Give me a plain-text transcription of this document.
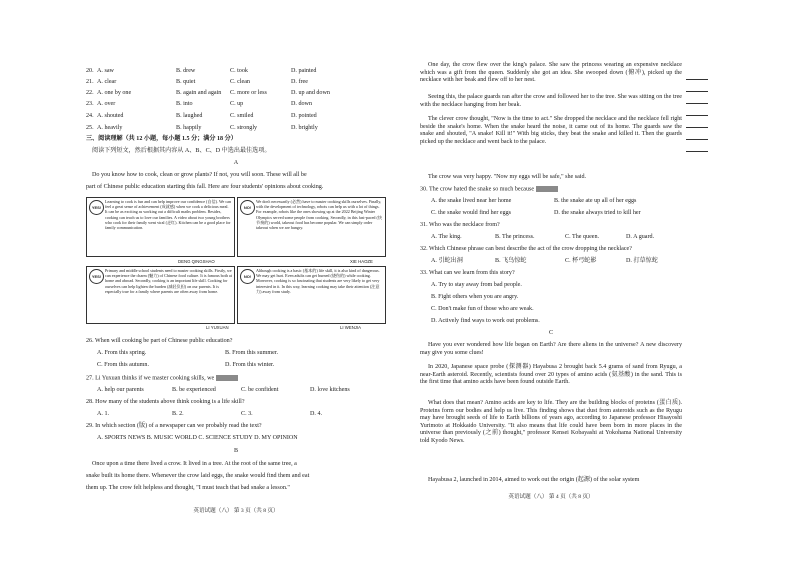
20. A. saw	B. drew	C. took	D. painted
21. A. clear	B. quiet	C. clean	D. free
22. A. one by one	B. again and again C. more or less	D. up and down
23. A. over	B. into	C. up	D. down
24. A. shouted	B. laughed	C. smiled	D. pointed
25. A. heavily	B. happily	C. strongly	D. brightly
三、阅读理解（共 12 小题，每小题 1.5 分；满分 18 分）
阅读下列短文，然后根据其内容从 A、B、C、D 中选出最佳选项。
A
Do you know how to cook, clean or grow plants? If not, you will soon. These will all be
part of Chinese public education starting this fall. Here are four students' opinions about cooking.
YES!
Learning to cook is fun and can help improve our confidence (自信). We can feel a great sense of achievement (成就感) when we cook a delicious meal. It can be as exciting as working out a difficult maths problem. Besides, cooking can teach us to love our families. A video about two young brothers who cook for their family went viral (走红). Kitchen can be a good place for family communication.
DENG QINGSHAO
NO!
We don't necessarily (必然) have to master cooking skills ourselves. Finally, with the development of technology, robots can help us with a lot of things. For example, robots like the ones showing up at the 2022 Beijing Winter Olympics served some people from cooking. Secondly, in this fast-paced (快节奏的) world, takeout food has become popular. We can simply order takeout when we are hungry.
XIE HAOZE
YES!
Primary and middle school students need to master cooking skills. Firstly, we can experience the charm (魅力) of Chinese food culture. It is famous both at home and abroad. Secondly, cooking is an important life skill. Cooking for ourselves can help lighten the burden (减轻负担) on our parents. It is especially true for a family where parents are often away from home.
LI YUXUAN
NO!
Although cooking is a basic (基本的) life skill, it is also kind of dangerous. We may get hurt. Even adults can get burned (烧伤的) while cooking. Moreover, cooking is so fascinating that students are very likely to get very interested in it. In this way, learning cooking may take their attention (注意力) away from study.
LI WENJIA
26. When will cooking be part of Chinese public education?
A. From this spring.	B. From this summer.
C. From this autumn.	D. From this winter.
27. Li Yuxuan thinks if we master cooking skills, we
A. help our parents	B. be experienced	C. be confident	D. love kitchens
28. How many of the students above think cooking is a life skill?
A. 1.	B. 2.	C. 3.	D. 4.
29. In which section (版) of a newspaper can we probably read the text?
A. SPORTS NEWS B. MUSIC WORLD C. SCIENCE STUDY D. MY OPINION
B
Once upon a time there lived a crow. It lived in a tree. At the root of the same tree, a
snake built its home there. Whenever the crow laid eggs, the snake would find them and eat
them up. The crow felt helpless and thought, "I must teach that bad snake a lesson."
英语试题（八） 第 3 页（共 8 页）
One day, the crow flew over the king's palace. She saw the princess wearing an expensive necklace which was a gift from the queen. Suddenly she got an idea. She swooped down (俯冲), picked up the necklace with her beak and flew off to her nest.
Seeing this, the palace guards ran after the crow and followed her to the tree. She was sitting on the tree with the necklace hanging from her beak.
The clever crow thought, "Now is the time to act." She dropped the necklace and the necklace fell right beside the snake's home. When the snake heard the noise, it came out of its home. The guards saw the snake and shouted, "A snake! Kill it!" With big sticks, they beat the snake and killed it. Then the guards picked up the necklace and went back to the palace.
The crow was very happy. "Now my eggs will be safe," she said.
30. The crow hated the snake so much because
A. the snake lived near her home	B. the snake ate up all of her eggs
C. the snake would find her eggs	D. the snake always tried to kill her
31. Who was the necklace from?
A. The king.	B. The princess.	C. The queen.	D. A guard.
32. Which Chinese phrase can best describe the act of the crow dropping the necklace?
A. 引蛇出洞	B. 飞鸟惊蛇	C. 杯弓蛇影	D. 打草惊蛇
33. What can we learn from this story?
A. Try to stay away from bad people.
B. Fight others when you are angry.
C. Don't make fun of those who are weak.
D. Actively find ways to work out problems.
C
Have you ever wondered how life began on Earth? Are there aliens in the universe? A new discovery may give you some clues!
In 2020, Japanese space probe (探测器) Hayabusa 2 brought back 5.4 grams of sand from Ryugu, a near-Earth asteroid. Recently, scientists found over 20 types of amino acids (氨基酸) in the sand. This is the first time that amino acids have been found outside Earth.
What does that mean? Amino acids are key to life. They are the building blocks of proteins (蛋白质). Proteins form our bodies and help us live. This finding shows that dust from asteroids such as the Ryugu may have brought seeds of life to Earth billions of years ago, according to Japanese professor Hisayoshi Yurimoto at Hokkaido University. "It also means that life could have been born in more places in the universe than previously (之前) thought," professor Kensei Kobayashi at Yokohama National University told Kyodo News.
Hayabusa 2, launched in 2014, aimed to work out the origin (起源) of the solar system
英语试题（八） 第 4 页（共 8 页）
